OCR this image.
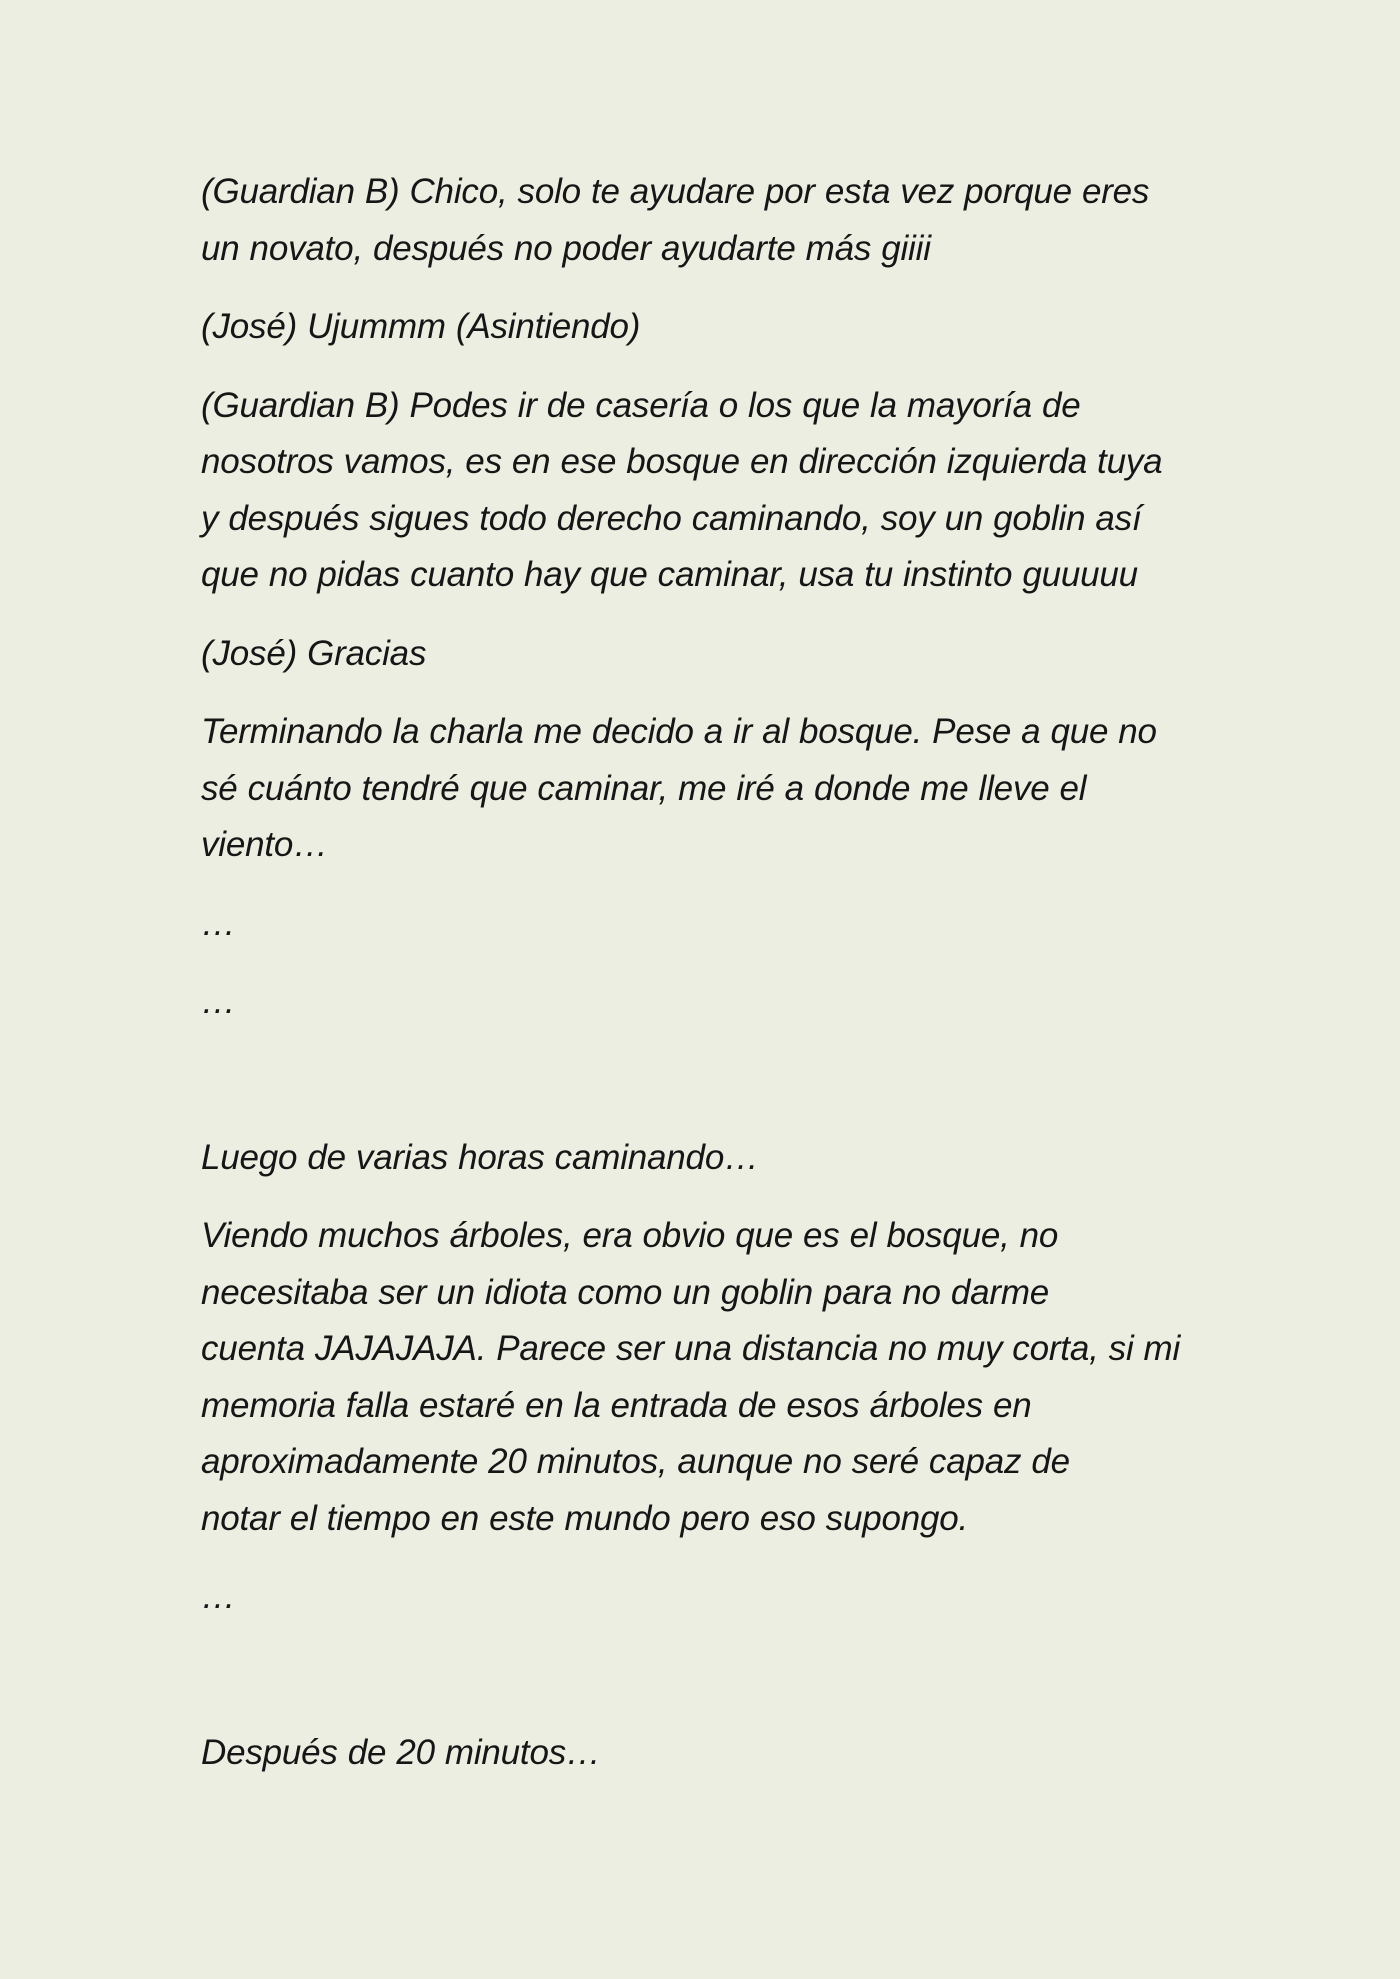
(Guardian B) Chico, solo te ayudare por esta vez porque eres
un novato, después no poder ayudarte más giiii

(José) Ujummm (Asintiendo)

(Guardian B) Podes ir de casería o los que la mayoría de
nosotros vamos, es en ese bosque en dirección izquierda tuya
y después sigues todo derecho caminando, soy un goblin así
que no pidas cuanto hay que caminar, usa tu instinto guuuuu

(José) Gracias

Terminando la charla me decido a ir al bosque. Pese a que no
sé cuánto tendré que caminar, me iré a donde me lleve el
viento…

…

…

Luego de varias horas caminando…

Viendo muchos árboles, era obvio que es el bosque, no
necesitaba ser un idiota como un goblin para no darme
cuenta JAJAJAJA. Parece ser una distancia no muy corta, si mi
memoria falla estaré en la entrada de esos árboles en
aproximadamente 20 minutos, aunque no seré capaz de
notar el tiempo en este mundo pero eso supongo.

…

Después de 20 minutos…
